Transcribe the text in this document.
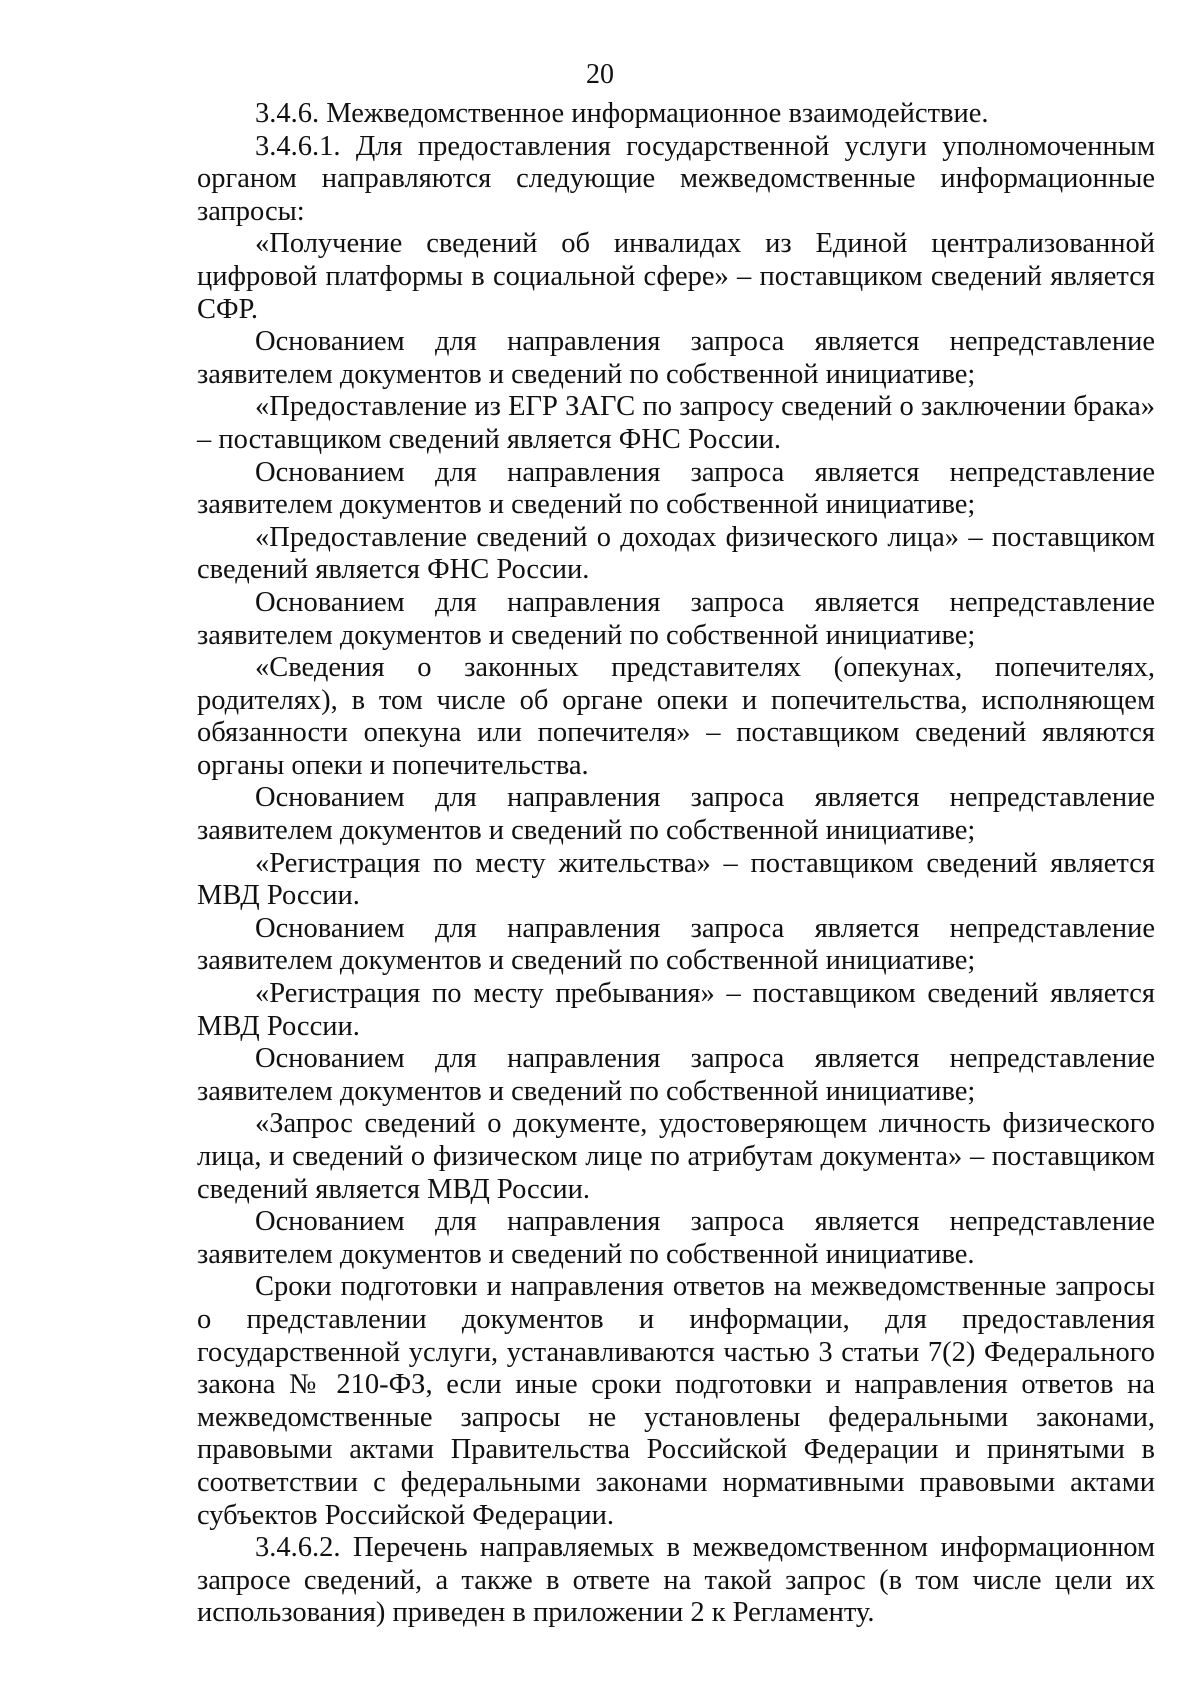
20

3.4.6. Межведомственное информационное взаимодействие.

3.4.6.1. Для предоставления государственной услуги уполномоченным органом направляются следующие межведомственные информационные запросы:

«Получение сведений об инвалидах из Единой централизованной цифровой платформы в социальной сфере» – поставщиком сведений является СФР.

Основанием для направления запроса является непредставление заявителем документов и сведений по собственной инициативе;

«Предоставление из ЕГР ЗАГС по запросу сведений о заключении брака» – поставщиком сведений является ФНС России.

Основанием для направления запроса является непредставление заявителем документов и сведений по собственной инициативе;

«Предоставление сведений о доходах физического лица» – поставщиком сведений является ФНС России.

Основанием для направления запроса является непредставление заявителем документов и сведений по собственной инициативе;

«Сведения о законных представителях (опекунах, попечителях, родителях), в том числе об органе опеки и попечительства, исполняющем обязанности опекуна или попечителя» – поставщиком сведений являются органы опеки и попечительства.

Основанием для направления запроса является непредставление заявителем документов и сведений по собственной инициативе;

«Регистрация по месту жительства» – поставщиком сведений является МВД России.

Основанием для направления запроса является непредставление заявителем документов и сведений по собственной инициативе;

«Регистрация по месту пребывания» – поставщиком сведений является МВД России.

Основанием для направления запроса является непредставление заявителем документов и сведений по собственной инициативе;

«Запрос сведений о документе, удостоверяющем личность физического лица, и сведений о физическом лице по атрибутам документа» – поставщиком сведений является МВД России.

Основанием для направления запроса является непредставление заявителем документов и сведений по собственной инициативе.

Сроки подготовки и направления ответов на межведомственные запросы о представлении документов и информации, для предоставления государственной услуги, устанавливаются частью 3 статьи 7(2) Федерального закона № 210-ФЗ, если иные сроки подготовки и направления ответов на межведомственные запросы не установлены федеральными законами, правовыми актами Правительства Российской Федерации и принятыми в соответствии с федеральными законами нормативными правовыми актами субъектов Российской Федерации.

3.4.6.2. Перечень направляемых в межведомственном информационном запросе сведений, а также в ответе на такой запрос (в том числе цели их использования) приведен в приложении 2 к Регламенту.
